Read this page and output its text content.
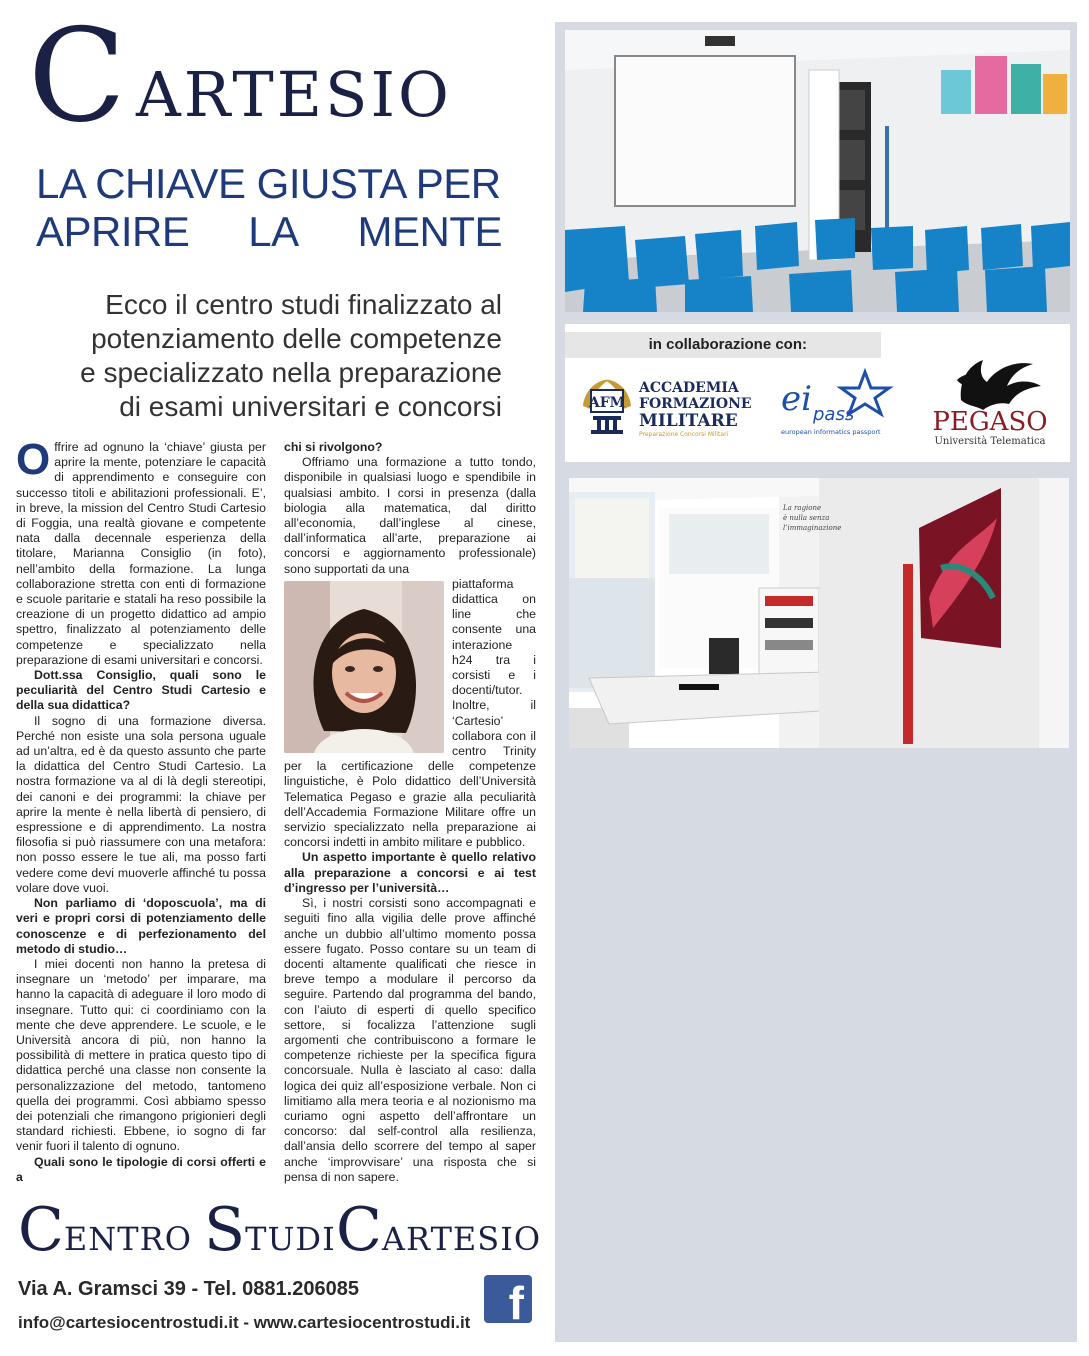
C ARTESIO
LA CHIAVE GIUSTA PER
APRIRE LA MENTE
Ecco il centro studi finalizzato al
potenziamento delle competenze
e specializzato nella preparazione
di esami universitari e concorsi

Offrire ad ognuno la ‘chiave’ giusta per aprire la mente, potenziare le capacità di apprendimento e conseguire con successo titoli e abilitazioni professionali. E’, in breve, la mission del Centro Studi Cartesio di Foggia, una realtà giovane e competente nata dalla decennale esperienza della titolare, Marianna Consiglio (in foto), nell’ambito della formazione. La lunga collaborazione stretta con enti di formazione e scuole paritarie e statali ha reso possibile la creazione di un progetto didattico ad ampio spettro, finalizzato al potenziamento delle competenze e specializzato nella preparazione di esami universitari e concorsi.

Dott.ssa Consiglio, quali sono le peculiarità del Centro Studi Cartesio e della sua didattica?

Il sogno di una formazione diversa. Perché non esiste una sola persona uguale ad un’altra, ed è da questo assunto che parte la didattica del Centro Studi Cartesio. La nostra formazione va al di là degli stereotipi, dei canoni e dei programmi: la chiave per aprire la mente è nella libertà di pensiero, di espressione e di apprendimento. La nostra filosofia si può riassumere con una metafora: non posso essere le tue ali, ma posso farti vedere come devi muoverle affinché tu possa volare dove vuoi.

Non parliamo di ‘doposcuola’, ma di veri e propri corsi di potenziamento delle conoscenze e di perfezionamento del metodo di studio…

I miei docenti non hanno la pretesa di insegnare un ‘metodo’ per imparare, ma hanno la capacità di adeguare il loro modo di insegnare. Tutto qui: ci coordiniamo con la mente che deve apprendere. Le scuole, e le Università ancora di più, non hanno la possibilità di mettere in pratica questo tipo di didattica perché una classe non consente la personalizzazione del metodo, tantomeno quella dei programmi. Così abbiamo spesso dei potenziali che rimangono prigionieri degli standard richiesti. Ebbene, io sogno di far venir fuori il talento di ognuno.

Quali sono le tipologie di corsi offerti e a

chi si rivolgono?

Offriamo una formazione a tutto tondo, disponibile in qualsiasi luogo e spendibile in qualsiasi ambito. I corsi in presenza (dalla biologia alla matematica, dal diritto all’economia, dall’inglese al cinese, dall’informatica all’arte, preparazione ai concorsi e aggiornamento professionale) sono supportati da una

piattaforma didattica on line che consente una interazione h24 tra i corsisti e i docenti/tutor. Inoltre, il ‘Cartesio’ collabora con il centro Trinity per la certificazione delle competenze linguistiche, è Polo didattico dell’Università Telematica Pegaso e grazie alla peculiarità dell’Accademia Formazione Militare offre un servizio specializzato nella preparazione ai concorsi indetti in ambito militare e pubblico.

Un aspetto importante è quello relativo alla preparazione a concorsi e ai test d’ingresso per l’università…

Sì, i nostri corsisti sono accompagnati e seguiti fino alla vigilia delle prove affinché anche un dubbio all’ultimo momento possa essere fugato. Posso contare su un team di docenti altamente qualificati che riesce in breve tempo a modulare il percorso da seguire. Partendo dal programma del bando, con l’aiuto di esperti di quello specifico settore, si focalizza l’attenzione sugli argomenti che contribuiscono a formare le competenze richieste per la specifica figura concorsuale. Nulla è lasciato al caso: dalla logica dei quiz all’esposizione verbale. Non ci limitiamo alla mera teoria e al nozionismo ma curiamo ogni aspetto dell’affrontare un concorso: dal self-control alla resilienza, dall’ansia dello scorrere del tempo al saper anche ‘improvvisare’ una risposta che si pensa di non sapere.

CENTRO STUDI CARTESIO
Via A. Gramsci 39 - Tel. 0881.206085
info@cartesiocentrostudi.it - www.cartesiocentrostudi.it f
in collaborazione con:
AFM
ACCADEMIA
FORMAZIONE
MILITARE
Preparazione Concorsi Militari
ei pass
european informatics passport PEGASO
Università Telematica
La ragione
è nulla senza
l’immaginazione
